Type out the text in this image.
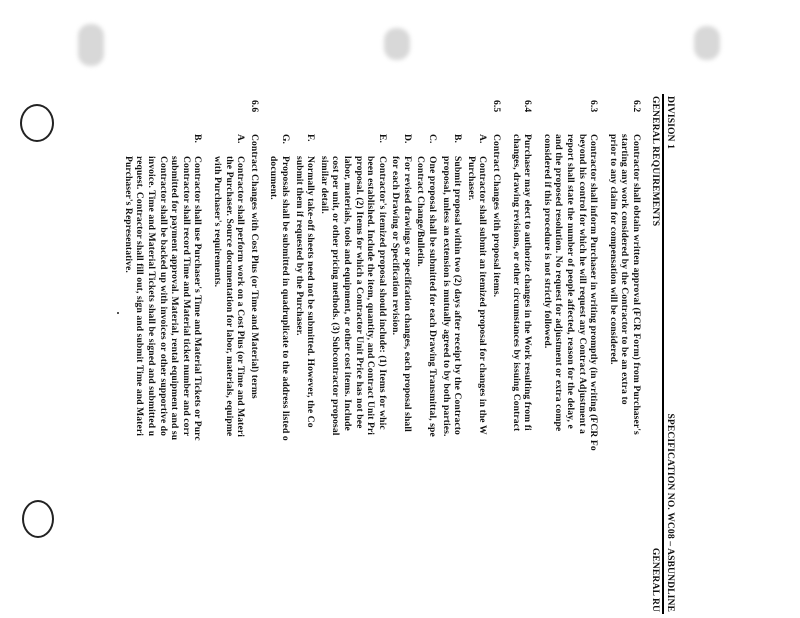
DIVISION 1
SPECIFICATION NO. WC08 – ASBUNDLINE
GENERAL REQUIREMENTS
GENERAL RU
6.2
Contractor shall obtain written approval (FCR Form) from Purchaser's
starting any work considered by the Contractor to be an extra to
prior to any claim for compensation will be considered.
6.3
Contractor shall inform Purchaser in writing promptly (in writing (FCR Fo
beyond his control for which he will request any Contract Adjustment a
report shall state the number of people affected, reason for the delay, e
and the proposed resolution. No request for adjustment or extra compe
considered if this procedure is not strictly followed.
6.4
Purchaser may elect to authorize changes in the Work resulting from fi
changes, drawing revisions, or other circumstances by issuing Contract
6.5
Contract Changes with proposal items.
A.
Contractor shall submit an itemized proposal for changes in the W
Purchaser.
B.
Submit proposal within two (2) days after receipt by the Contracto
proposal, unless an extension is mutually agreed to by both parties.
C.
One proposal shall be submitted for each Drawing Transmittal, spe
Contract Change/Bulletin.
D.
For revised drawings or specification changes, each proposal shall
for each Drawing or Specification revision.
E.
Contractor's itemized proposal should include: (1) Items for whic
been established. Include the item, quantity, and Contract Unit Pri
proposal. (2) Items for which a Contractor Unit Price has not bee
labor, materials, tools and equipment, or other cost items. Include
cost per unit, or other pricing methods. (3) Subcontractor proposal
similar detail.
F.
Normally take-off sheets need not be submitted. However, the Co
submit them if requested by the Purchaser.
G.
Proposals shall be submitted in quadruplicate to the address listed o
document.
6.6
Contract Changes with Cost Plus (or Time and Material) terms
A.
Contractor shall perform work on a Cost Plus (or Time and Materi
the Purchaser. Source documentation for labor, materials, equipme
with Purchaser's requirements.
B.
Contractor shall use Purchaser's Time and Material Tickets or Purc
Contractor shall record Time and Material ticket number and corr
submitted for payment approval. Material, rental equipment and su
Contractor shall be backed up with invoices or other supportive do
invoice. Time and Material Tickets shall be signed and submitted u
request. Contractor shall fill out, sign and submit Time and Materi
Purchaser's Representative.
